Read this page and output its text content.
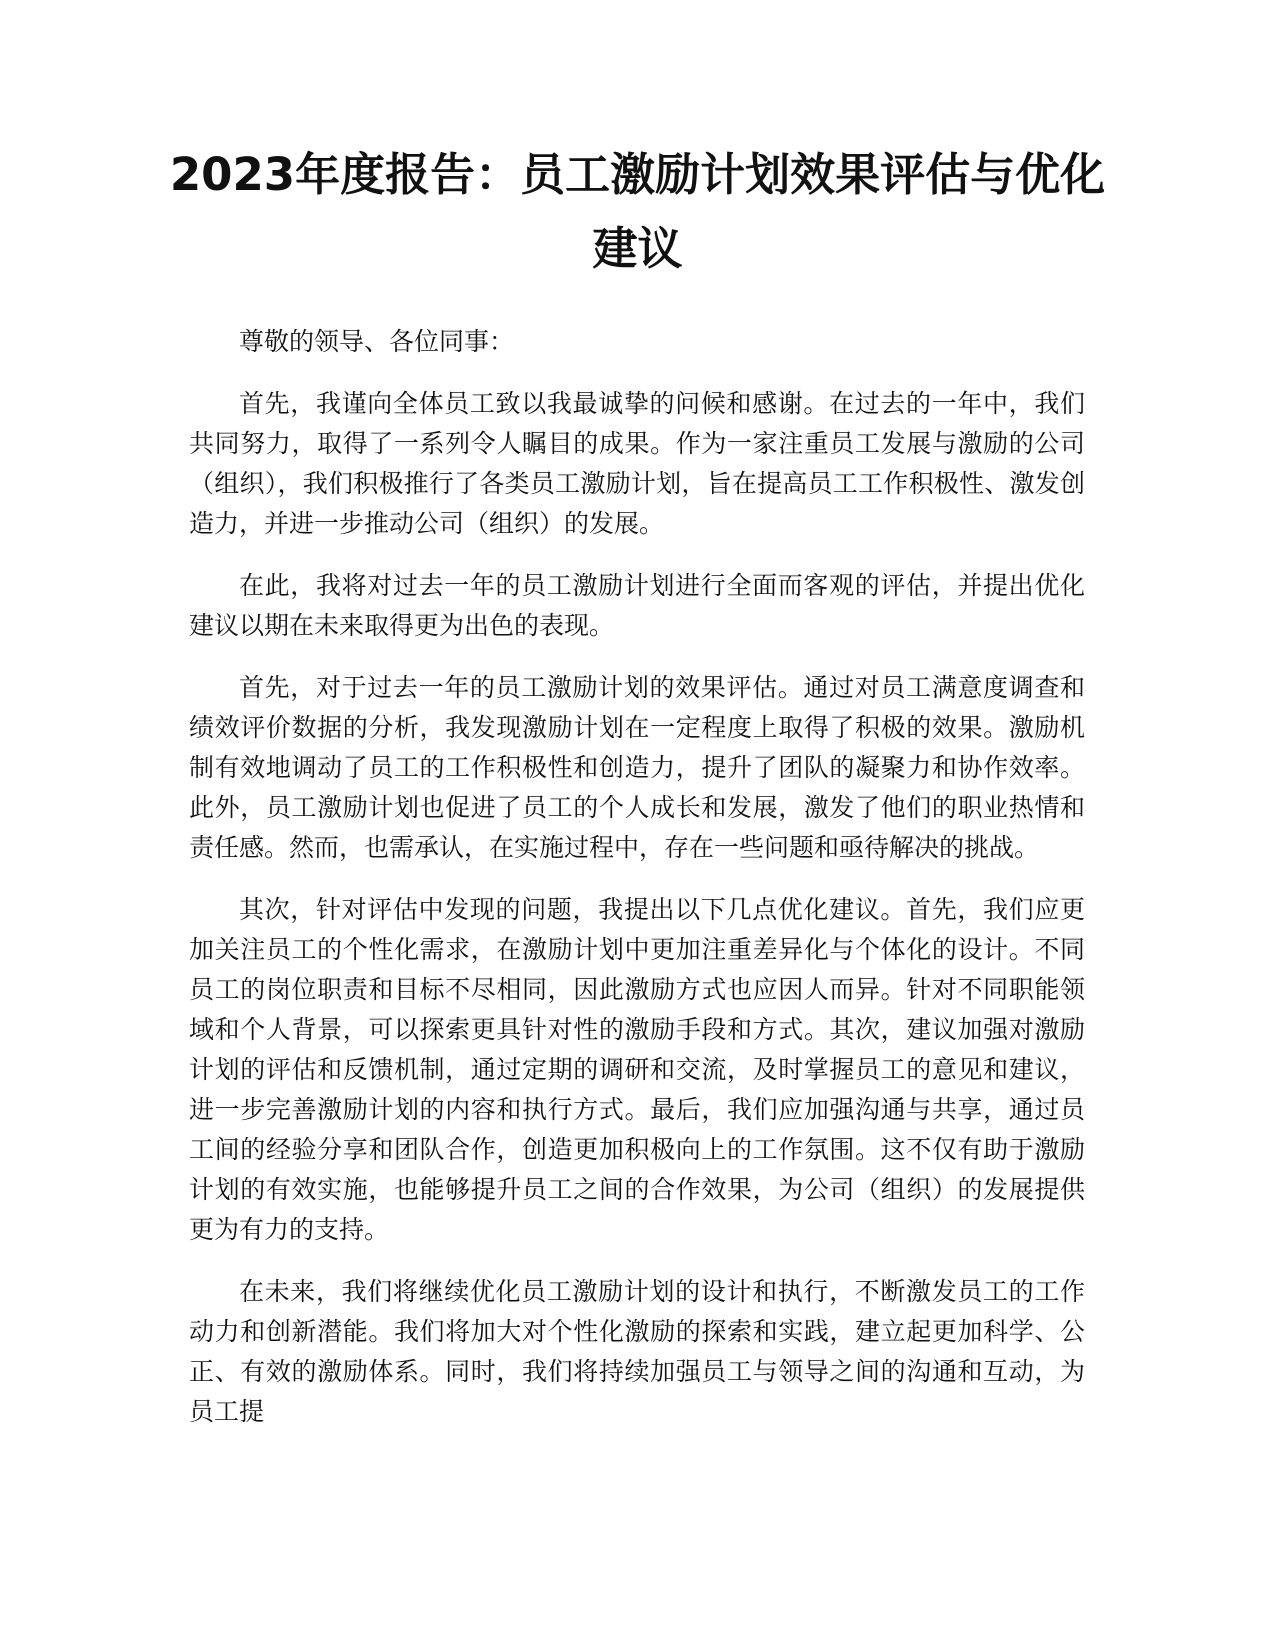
2023年度报告：员工激励计划效果评估与优化建议

尊敬的领导、各位同事：

首先，我谨向全体员工致以我最诚挚的问候和感谢。在过去的一年中，我们共同努力，取得了一系列令人瞩目的成果。作为一家注重员工发展与激励的公司（组织），我们积极推行了各类员工激励计划，旨在提高员工工作积极性、激发创造力，并进一步推动公司（组织）的发展。

在此，我将对过去一年的员工激励计划进行全面而客观的评估，并提出优化建议以期在未来取得更为出色的表现。

首先，对于过去一年的员工激励计划的效果评估。通过对员工满意度调查和绩效评价数据的分析，我发现激励计划在一定程度上取得了积极的效果。激励机制有效地调动了员工的工作积极性和创造力，提升了团队的凝聚力和协作效率。此外，员工激励计划也促进了员工的个人成长和发展，激发了他们的职业热情和责任感。然而，也需承认，在实施过程中，存在一些问题和亟待解决的挑战。

其次，针对评估中发现的问题，我提出以下几点优化建议。首先，我们应更加关注员工的个性化需求，在激励计划中更加注重差异化与个体化的设计。不同员工的岗位职责和目标不尽相同，因此激励方式也应因人而异。针对不同职能领域和个人背景，可以探索更具针对性的激励手段和方式。其次，建议加强对激励计划的评估和反馈机制，通过定期的调研和交流，及时掌握员工的意见和建议，进一步完善激励计划的内容和执行方式。最后，我们应加强沟通与共享，通过员工间的经验分享和团队合作，创造更加积极向上的工作氛围。这不仅有助于激励计划的有效实施，也能够提升员工之间的合作效果，为公司（组织）的发展提供更为有力的支持。

在未来，我们将继续优化员工激励计划的设计和执行，不断激发员工的工作动力和创新潜能。我们将加大对个性化激励的探索和实践，建立起更加科学、公正、有效的激励体系。同时，我们将持续加强员工与领导之间的沟通和互动，为员工提
